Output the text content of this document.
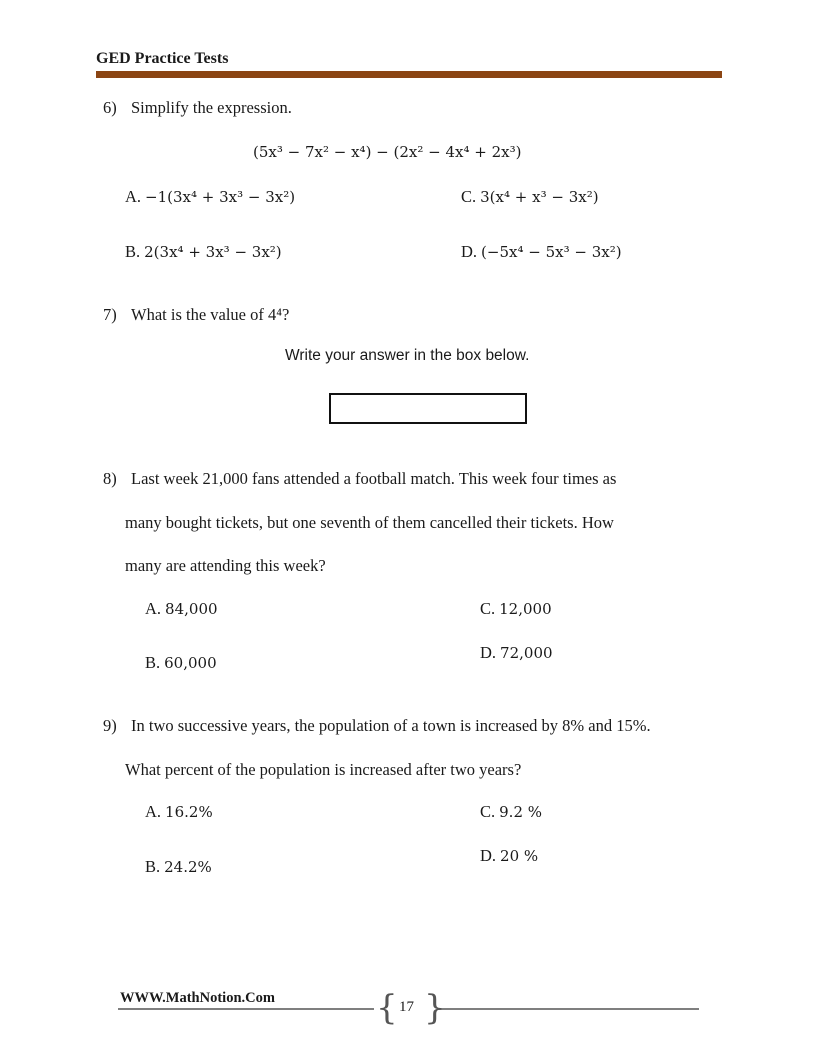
GED Practice Tests
6) Simplify the expression.
(5x³ − 7x² − x⁴) − (2x² − 4x⁴ + 2x³)
A. −1(3x⁴ + 3x³ − 3x²)	C. 3(x⁴ + x³ − 3x²)
B. 2(3x⁴ + 3x³ − 3x²)	D. (−5x⁴ − 5x³ − 3x²)
7) What is the value of 4⁴?
Write your answer in the box below.
8) Last week 21,000 fans attended a football match. This week four times as
many bought tickets, but one seventh of them cancelled their tickets. How
many are attending this week?
A. 84,000	C. 12,000
D. 72,000
B. 60,000
9) In two successive years, the population of a town is increased by 8% and 15%.
What percent of the population is increased after two years?
A. 16.2%	C. 9.2 %
D. 20 %
B. 24.2%
WWW.MathNotion.Com	{ }
17
